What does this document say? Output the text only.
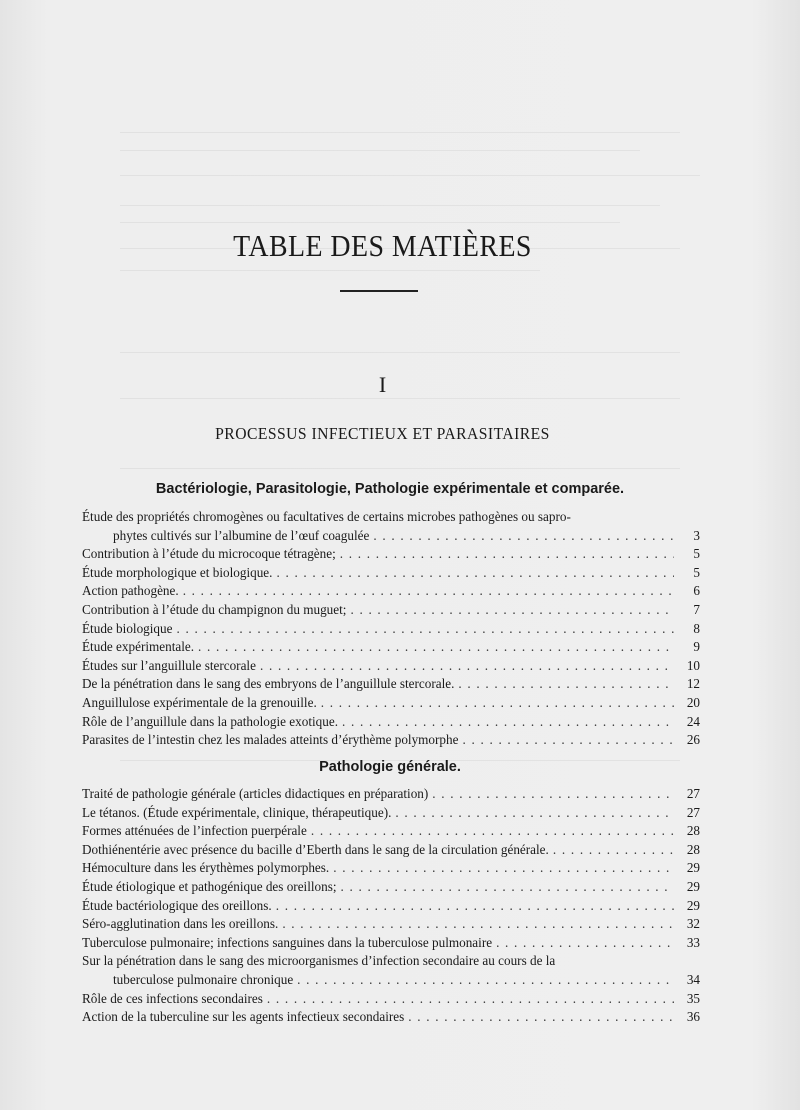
TABLE DES MATIÈRES
I
PROCESSUS INFECTIEUX ET PARASITAIRES
Bactériologie, Parasitologie, Pathologie expérimentale et comparée.
Étude des propriétés chromogènes ou facultatives de certains microbes pathogènes ou sapro-
phytes cultivés sur l’albumine de l’œuf coagulée . . .	3
Contribution à l’étude du microcoque tétragène; . . .	5
Étude morphologique et biologique. . . .	5
Action pathogène. . . .	6
Contribution à l’étude du champignon du muguet; . . .	7
Étude biologique . . .	8
Étude expérimentale. . . .	9
Études sur l’anguillule stercorale . . .	10
De la pénétration dans le sang des embryons de l’anguillule stercorale. . . .	12
Anguillulose expérimentale de la grenouille. . . .	20
Rôle de l’anguillule dans la pathologie exotique. . . .	24
Parasites de l’intestin chez les malades atteints d’érythème polymorphe . . .	26
Pathologie générale.
Traité de pathologie générale (articles didactiques en préparation) . . .	27
Le tétanos. (Étude expérimentale, clinique, thérapeutique). . . .	27
Formes atténuées de l’infection puerpérale . . .	28
Dothiénentérie avec présence du bacille d’Eberth dans le sang de la circulation générale. . . .	28
Hémoculture dans les érythèmes polymorphes. . . .	29
Étude étiologique et pathogénique des oreillons; . . .	29
Étude bactériologique des oreillons. . . .	29
Séro-agglutination dans les oreillons. . . .	32
Tuberculose pulmonaire; infections sanguines dans la tuberculose pulmonaire . . .	33
Sur la pénétration dans le sang des microorganismes d’infection secondaire au cours de la
tuberculose pulmonaire chronique . . .	34
Rôle de ces infections secondaires . . .	35
Action de la tuberculine sur les agents infectieux secondaires . . .	36
